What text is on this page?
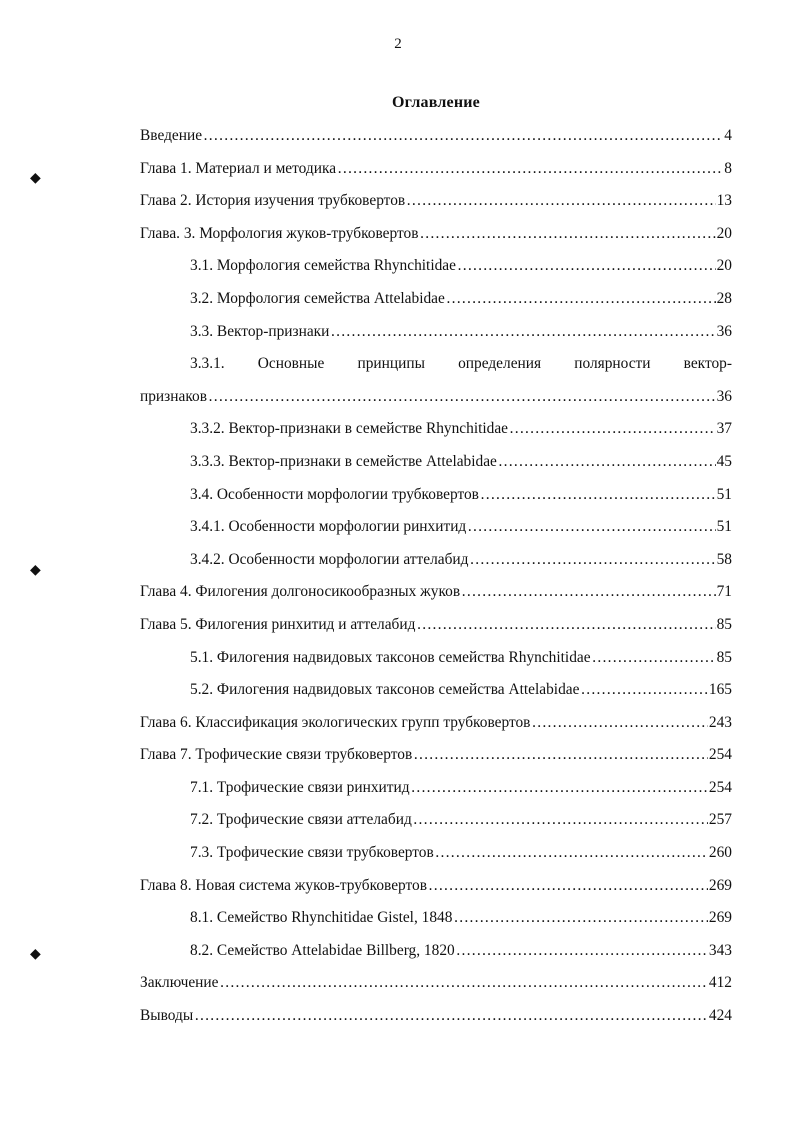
2
◆
◆
◆
Оглавление
Введение ……………………………………………………………………………………………………………………………………………………………………………………	4
Глава 1. Материал и методика ……………………………………………………………………………………………………………………………………………………………………………………	8
Глава 2. История изучения трубковертов ……………………………………………………………………………………………………………………………………………………………………………………	13
Глава. 3. Морфология жуков-трубковертов ……………………………………………………………………………………………………………………………………………………………………………………	20
3.1. Морфология семейства Rhynchitidae ……………………………………………………………………………………………………………………………………………………………………………………	20
3.2. Морфология семейства Attelabidae ……………………………………………………………………………………………………………………………………………………………………………………	28
3.3. Вектор-признаки ……………………………………………………………………………………………………………………………………………………………………………………	36
3.3.1. Основные принципы определения полярности вектор-
признаков ……………………………………………………………………………………………………………………………………………………………………………………	36
3.3.2. Вектор-признаки в семействе Rhynchitidae ……………………………………………………………………………………………………………………………………………………………………………………	37
3.3.3. Вектор-признаки в семействе Attelabidae ……………………………………………………………………………………………………………………………………………………………………………………	45
3.4. Особенности морфологии трубковертов ……………………………………………………………………………………………………………………………………………………………………………………	51
3.4.1. Особенности морфологии ринхитид ……………………………………………………………………………………………………………………………………………………………………………………	51
3.4.2. Особенности морфологии аттелабид ……………………………………………………………………………………………………………………………………………………………………………………	58
Глава 4. Филогения долгоносикообразных жуков ……………………………………………………………………………………………………………………………………………………………………………………	71
Глава 5. Филогения ринхитид и аттелабид ……………………………………………………………………………………………………………………………………………………………………………………	85
5.1. Филогения надвидовых таксонов семейства Rhynchitidae ……………………………………………………………………………………………………………………………………………………………………………………	85
5.2. Филогения надвидовых таксонов семейства Attelabidae ……………………………………………………………………………………………………………………………………………………………………………………	165
Глава 6. Классификация экологических групп трубковертов ……………………………………………………………………………………………………………………………………………………………………………………	243
Глава 7. Трофические связи трубковертов ……………………………………………………………………………………………………………………………………………………………………………………	254
7.1. Трофические связи ринхитид ……………………………………………………………………………………………………………………………………………………………………………………	254
7.2. Трофические связи аттелабид ……………………………………………………………………………………………………………………………………………………………………………………	257
7.3. Трофические связи трубковертов ……………………………………………………………………………………………………………………………………………………………………………………	260
Глава 8. Новая система жуков-трубковертов ……………………………………………………………………………………………………………………………………………………………………………………	269
8.1. Семейство Rhynchitidae Gistel, 1848 ……………………………………………………………………………………………………………………………………………………………………………………	269
8.2. Семейство Attelabidae Billberg, 1820 ……………………………………………………………………………………………………………………………………………………………………………………	343
Заключение ……………………………………………………………………………………………………………………………………………………………………………………	412
Выводы ……………………………………………………………………………………………………………………………………………………………………………………	424
